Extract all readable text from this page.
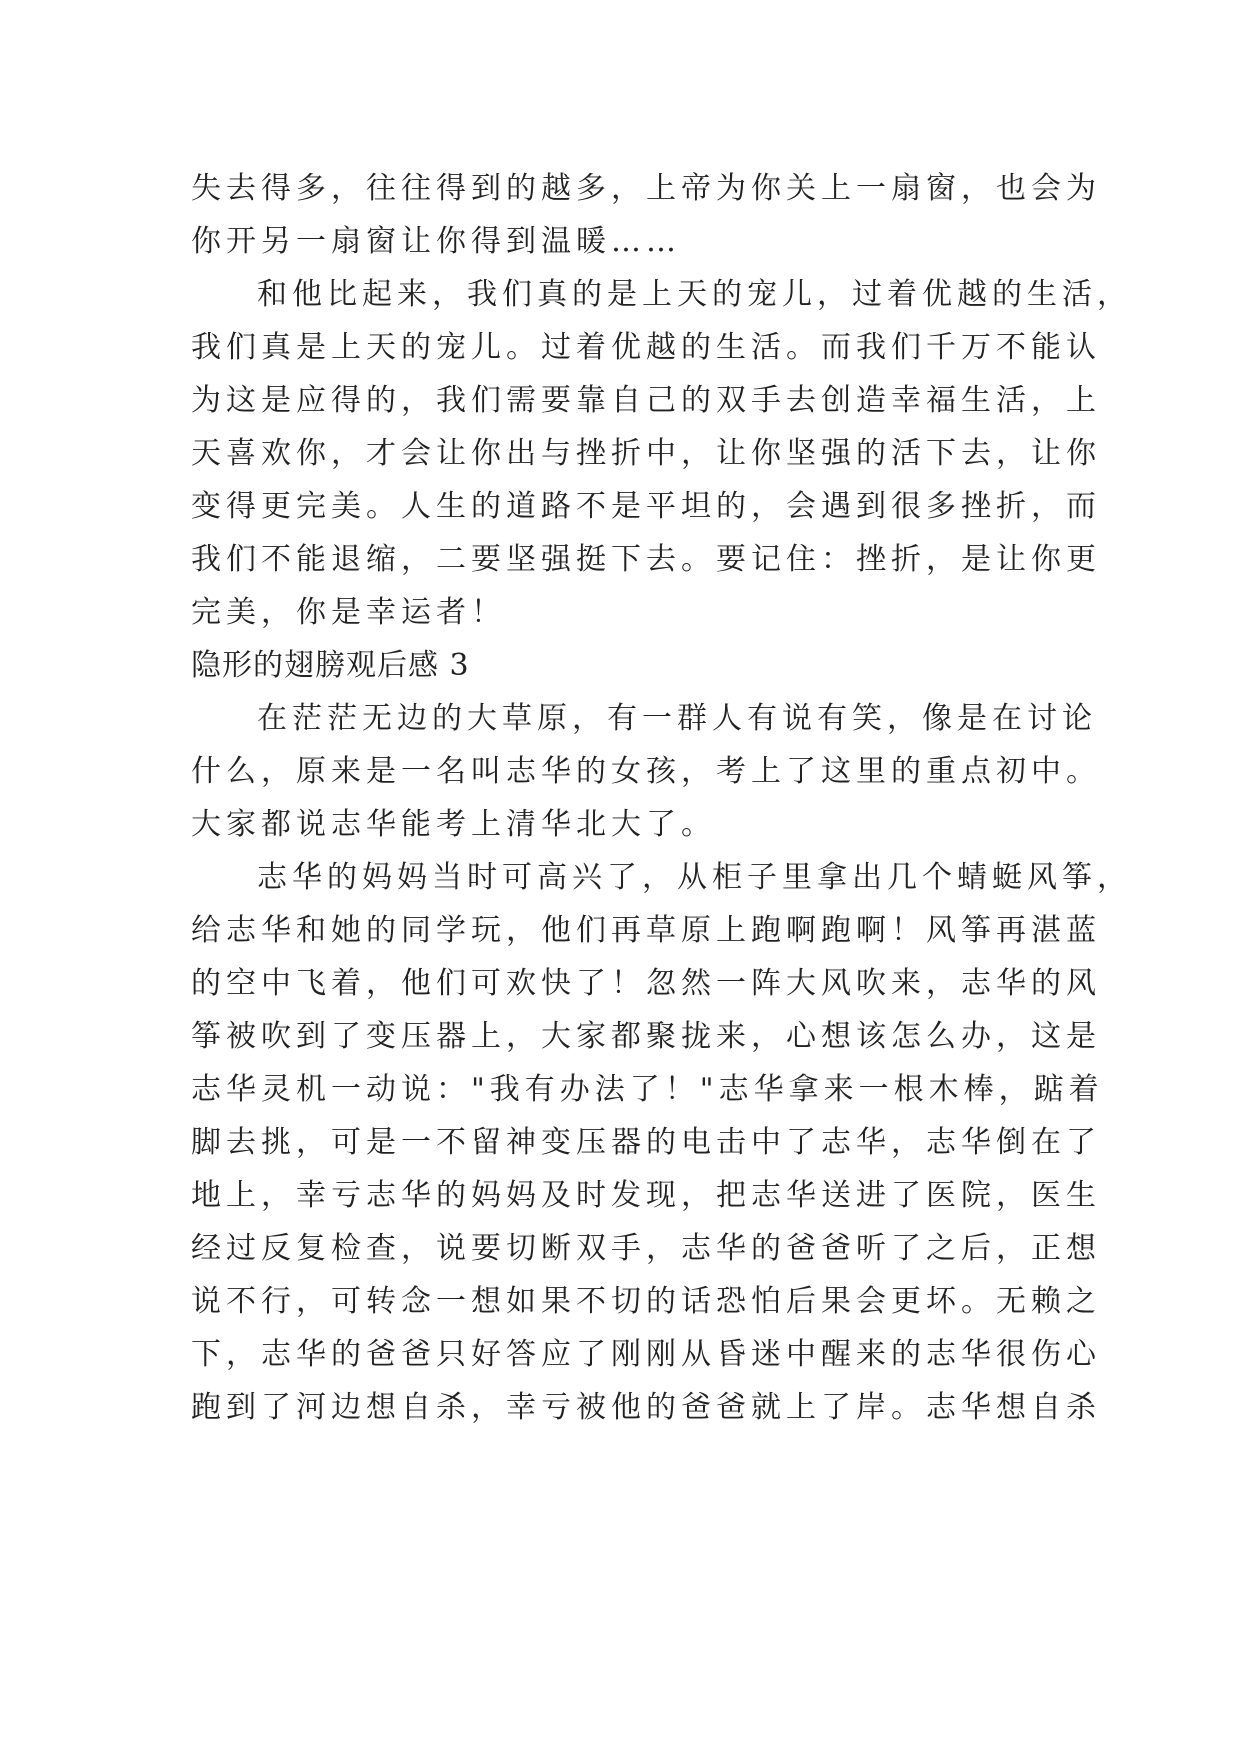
失去得多，往往得到的越多，上帝为你关上一扇窗，也会为
你开另一扇窗让你得到温暖……
和他比起来，我们真的是上天的宠儿，过着优越的生活，
我们真是上天的宠儿。过着优越的生活。而我们千万不能认
为这是应得的，我们需要靠自己的双手去创造幸福生活，上
天喜欢你，才会让你出与挫折中，让你坚强的活下去，让你
变得更完美。人生的道路不是平坦的，会遇到很多挫折，而
我们不能退缩，二要坚强挺下去。要记住：挫折，是让你更
完美，你是幸运者！
隐形的翅膀观后感 3
在茫茫无边的大草原，有一群人有说有笑，像是在讨论
什么，原来是一名叫志华的女孩，考上了这里的重点初中。
大家都说志华能考上清华北大了。
志华的妈妈当时可高兴了，从柜子里拿出几个蜻蜓风筝，
给志华和她的同学玩，他们再草原上跑啊跑啊！风筝再湛蓝
的空中飞着，他们可欢快了！忽然一阵大风吹来，志华的风
筝被吹到了变压器上，大家都聚拢来，心想该怎么办，这是
志华灵机一动说："我有办法了！"志华拿来一根木棒，踮着
脚去挑，可是一不留神变压器的电击中了志华，志华倒在了
地上，幸亏志华的妈妈及时发现，把志华送进了医院，医生
经过反复检查，说要切断双手，志华的爸爸听了之后，正想
说不行，可转念一想如果不切的话恐怕后果会更坏。无赖之
下，志华的爸爸只好答应了刚刚从昏迷中醒来的志华很伤心
跑到了河边想自杀，幸亏被他的爸爸就上了岸。志华想自杀
